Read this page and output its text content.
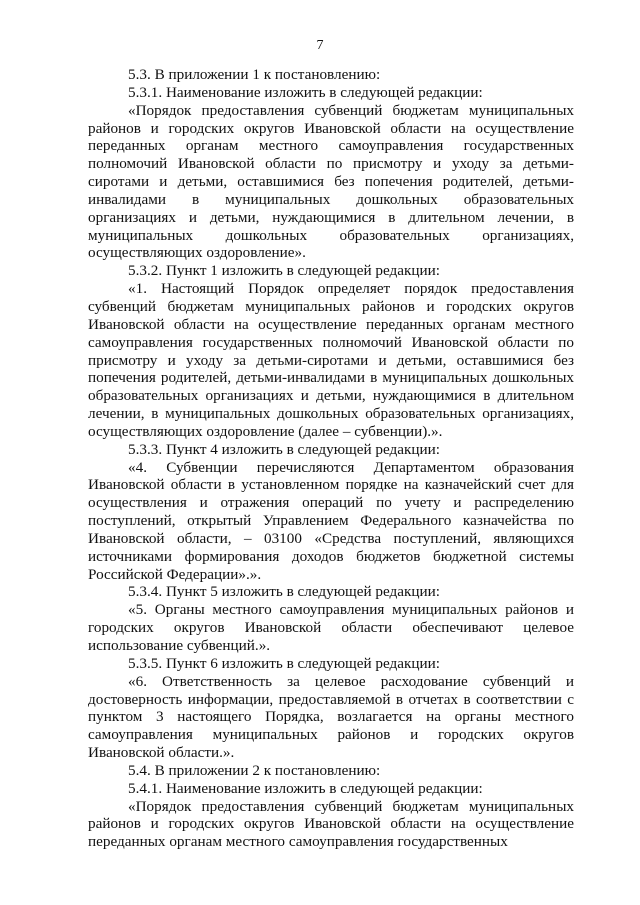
7

5.3. В приложении 1 к постановлению:

5.3.1. Наименование изложить в следующей редакции:

«Порядок предоставления субвенций бюджетам муниципальных районов и городских округов Ивановской области на осуществление переданных органам местного самоуправления государственных полномочий Ивановской области по присмотру и уходу за детьми-сиротами и детьми, оставшимися без попечения родителей, детьми-инвалидами в муниципальных дошкольных образовательных организациях и детьми, нуждающимися в длительном лечении, в муниципальных дошкольных образовательных организациях, осуществляющих оздоровление».

5.3.2. Пункт 1 изложить в следующей редакции:

«1. Настоящий Порядок определяет порядок предоставления субвенций бюджетам муниципальных районов и городских округов Ивановской области на осуществление переданных органам местного самоуправления государственных полномочий Ивановской области по присмотру и уходу за детьми-сиротами и детьми, оставшимися без попечения родителей, детьми-инвалидами в муниципальных дошкольных образовательных организациях и детьми, нуждающимися в длительном лечении, в муниципальных дошкольных образовательных организациях, осуществляющих оздоровление (далее – субвенции).».

5.3.3. Пункт 4 изложить в следующей редакции:

«4. Субвенции перечисляются Департаментом образования Ивановской области в установленном порядке на казначейский счет для осуществления и отражения операций по учету и распределению поступлений, открытый Управлением Федерального казначейства по Ивановской области, – 03100 «Средства поступлений, являющихся источниками формирования доходов бюджетов бюджетной системы Российской Федерации».».

5.3.4. Пункт 5 изложить в следующей редакции:

«5. Органы местного самоуправления муниципальных районов и городских округов Ивановской области обеспечивают целевое использование субвенций.».

5.3.5. Пункт 6 изложить в следующей редакции:

«6. Ответственность за целевое расходование субвенций и достоверность информации, предоставляемой в отчетах в соответствии с пунктом 3 настоящего Порядка, возлагается на органы местного самоуправления муниципальных районов и городских округов Ивановской области.».

5.4. В приложении 2 к постановлению:

5.4.1. Наименование изложить в следующей редакции:

«Порядок предоставления субвенций бюджетам муниципальных районов и городских округов Ивановской области на осуществление переданных органам местного самоуправления государственных
